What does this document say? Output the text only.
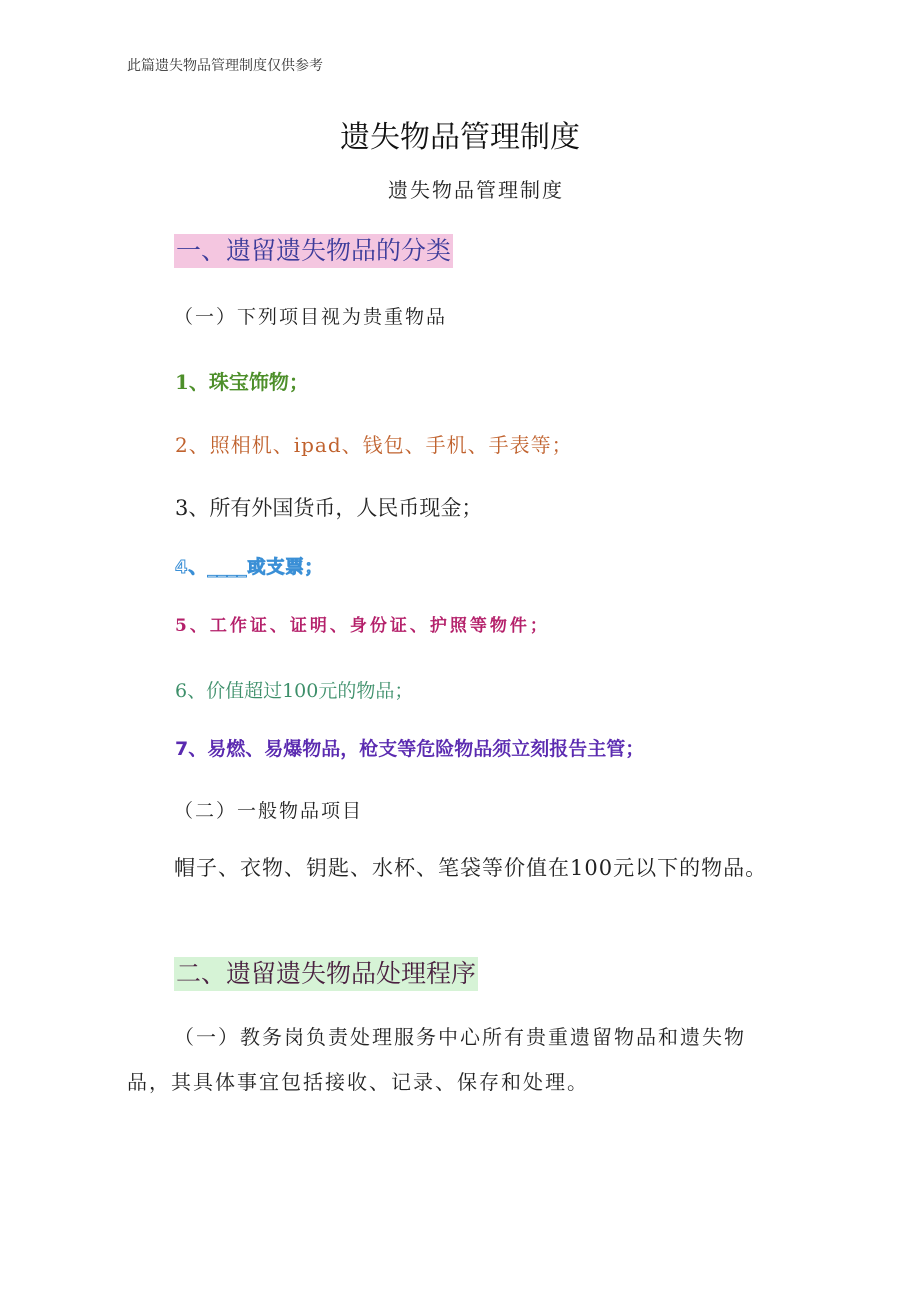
此篇遗失物品管理制度仅供参考
遗失物品管理制度
遗失物品管理制度
一、遗留遗失物品的分类
（一）下列项目视为贵重物品
1、珠宝饰物；
2、照相机、ipad、钱包、手机、手表等；
3、所有外国货币，人民币现金；
4、____或支票；
5、工作证、证明、身份证、护照等物件；
6、价值超过100元的物品；
7、易燃、易爆物品，枪支等危险物品须立刻报告主管；
（二）一般物品项目
帽子、衣物、钥匙、水杯、笔袋等价值在100元以下的物品。
二、遗留遗失物品处理程序
（一）教务岗负责处理服务中心所有贵重遗留物品和遗失物品，其具体事宜包括接收、记录、保存和处理。
